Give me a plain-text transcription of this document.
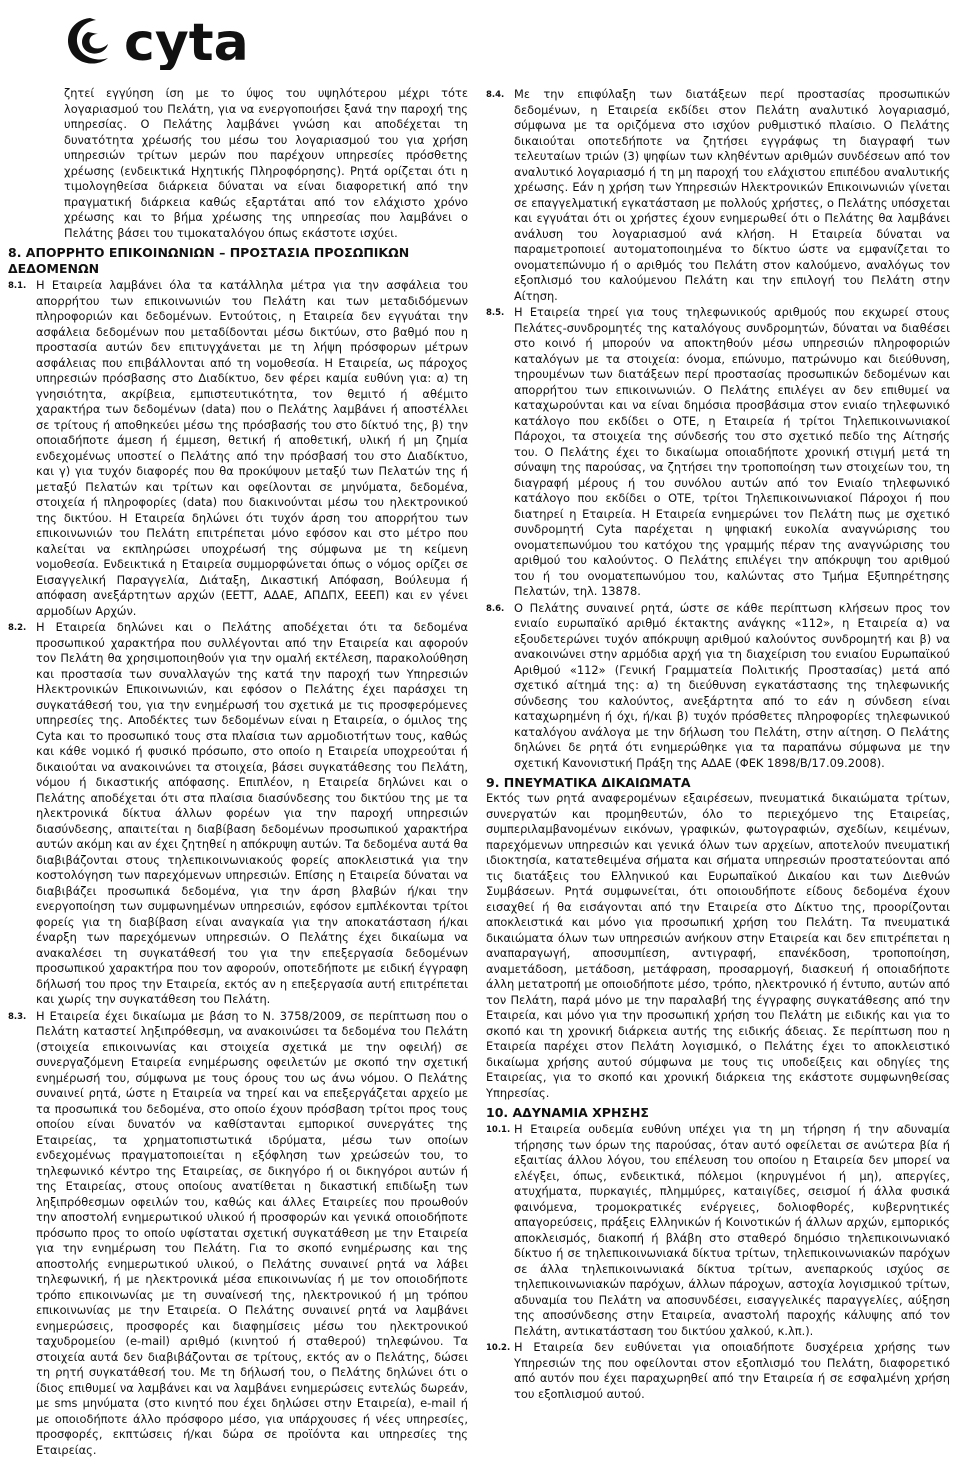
cyta

ζητεί εγγύηση ίση με το ύψος του υψηλότερου μέχρι τότε λογαριασμού του Πελάτη, για να ενεργοποιήσει ξανά την παροχή της υπηρεσίας. Ο Πελάτης λαμβάνει γνώση και αποδέχεται τη δυνατότητα χρέωσής του μέσω του λογαριασμού του για χρήση υπηρεσιών τρίτων μερών που παρέχουν υπηρεσίες πρόσθετης χρέωσης (ενδεικτικά Ηχητικής Πληροφόρησης). Ρητά ορίζεται ότι η τιμολογηθείσα διάρκεια δύναται να είναι διαφορετική από την πραγματική διάρκεια καθώς εξαρτάται από τον ελάχιστο χρόνο χρέωσης και το βήμα χρέωσης της υπηρεσίας που λαμβάνει ο Πελάτης βάσει του τιμοκαταλόγου όπως εκάστοτε ισχύει.

8. ΑΠΟΡΡΗΤΟ ΕΠΙΚΟΙΝΩΝΙΩΝ – ΠΡΟΣΤΑΣΙΑ ΠΡΟΣΩΠΙΚΩΝ ΔΕΔΟΜΕΝΩΝ
8.1. Η Εταιρεία λαμβάνει όλα τα κατάλληλα μέτρα για την ασφάλεια του απορρήτου των επικοινωνιών του Πελάτη και των μεταδιδόμενων πληροφοριών και δεδομένων. Εντούτοις, η Εταιρεία δεν εγγυάται την ασφάλεια δεδομένων που μεταδίδονται μέσω δικτύων, στο βαθμό που η προστασία αυτών δεν επιτυγχάνεται με τη λήψη πρόσφορων μέτρων ασφάλειας που επιβάλλονται από τη νομοθεσία. Η Εταιρεία, ως πάροχος υπηρεσιών πρόσβασης στο Διαδίκτυο, δεν φέρει καμία ευθύνη για: α) τη γνησιότητα, ακρίβεια, εμπιστευτικότητα, τον θεμιτό ή αθέμιτο χαρακτήρα των δεδομένων (data) που ο Πελάτης λαμβάνει ή αποστέλλει σε τρίτους ή αποθηκεύει μέσω της πρόσβασής του στο δίκτυό της, β) την οποιαδήποτε άμεση ή έμμεση, θετική ή αποθετική, υλική ή μη ζημία ενδεχομένως υποστεί ο Πελάτης από την πρόσβασή του στο Διαδίκτυο, και γ) για τυχόν διαφορές που θα προκύψουν μεταξύ των Πελατών της ή μεταξύ Πελατών και τρίτων και οφείλονται σε μηνύματα, δεδομένα, στοιχεία ή πληροφορίες (data) που διακινούνται μέσω του ηλεκτρονικού της δικτύου. Η Εταιρεία δηλώνει ότι τυχόν άρση του απορρήτου των επικοινωνιών του Πελάτη επιτρέπεται μόνο εφόσον και στο μέτρο που καλείται να εκπληρώσει υποχρέωσή της σύμφωνα με τη κείμενη νομοθεσία. Ενδεικτικά η Εταιρεία συμμορφώνεται όπως ο νόμος ορίζει σε Εισαγγελική Παραγγελία, Διάταξη, Δικαστική Απόφαση, Βούλευμα ή απόφαση ανεξάρτητων αρχών (ΕΕΤΤ, ΑΔΑΕ, ΑΠΔΠΧ, ΕΕΕΠ) και εν γένει αρμοδίων Αρχών.
8.2. Η Εταιρεία δηλώνει και ο Πελάτης αποδέχεται ότι τα δεδομένα προσωπικού χαρακτήρα που συλλέγονται από την Εταιρεία και αφορούν τον Πελάτη θα χρησιμοποιηθούν για την ομαλή εκτέλεση, παρακολούθηση και προστασία των συναλλαγών της κατά την παροχή των Υπηρεσιών Ηλεκτρονικών Επικοινωνιών, και εφόσον ο Πελάτης έχει παράσχει τη συγκατάθεσή του, για την ενημέρωσή του σχετικά με τις προσφερόμενες υπηρεσίες της. Αποδέκτες των δεδομένων είναι η Εταιρεία, ο όμιλος της Cyta και το προσωπικό τους στα πλαίσια των αρμοδιοτήτων τους, καθώς και κάθε νομικό ή φυσικό πρόσωπο, στο οποίο η Εταιρεία υποχρεούται ή δικαιούται να ανακοινώνει τα στοιχεία, βάσει συγκατάθεσης του Πελάτη, νόμου ή δικαστικής απόφασης. Επιπλέον, η Εταιρεία δηλώνει και ο Πελάτης αποδέχεται ότι στα πλαίσια διασύνδεσης του δικτύου της με τα ηλεκτρονικά δίκτυα άλλων φορέων για την παροχή υπηρεσιών διασύνδεσης, απαιτείται η διαβίβαση δεδομένων προσωπικού χαρακτήρα αυτών ακόμη και αν έχει ζητηθεί η απόκρυψη αυτών. Τα δεδομένα αυτά θα διαβιβάζονται στους τηλεπικοινωνιακούς φορείς αποκλειστικά για την κοστολόγηση των παρεχόμενων υπηρεσιών. Επίσης η Εταιρεία δύναται να διαβιβάζει προσωπικά δεδομένα, για την άρση βλαβών ή/και την ενεργοποίηση των συμφωνημένων υπηρεσιών, εφόσον εμπλέκονται τρίτοι φορείς για τη διαβίβαση είναι αναγκαία για την αποκατάσταση ή/και έναρξη των παρεχόμενων υπηρεσιών. Ο Πελάτης έχει δικαίωμα να ανακαλέσει τη συγκατάθεσή του για την επεξεργασία δεδομένων προσωπικού χαρακτήρα που τον αφορούν, οποτεδήποτε με ειδική έγγραφη δήλωσή του προς την Εταιρεία, εκτός αν η επεξεργασία αυτή επιτρέπεται και χωρίς την συγκατάθεση του Πελάτη.
8.3. Η Εταιρεία έχει δικαίωμα με βάση το Ν. 3758/2009, σε περίπτωση που ο Πελάτη καταστεί ληξιπρόθεσμη, να ανακοινώσει τα δεδομένα του Πελάτη (στοιχεία επικοινωνίας και στοιχεία σχετικά με την οφειλή) σε συνεργαζόμενη Εταιρεία ενημέρωσης οφειλετών με σκοπό την σχετική ενημέρωσή του, σύμφωνα με τους όρους του ως άνω νόμου. Ο Πελάτης συναινεί ρητά, ώστε η Εταιρεία να τηρεί και να επεξεργάζεται αρχείο με τα προσωπικά του δεδομένα, στο οποίο έχουν πρόσβαση τρίτοι προς τους οποίου είναι δυνατόν να καθίστανται εμπορικοί συνεργάτες της Εταιρείας, τα χρηματοπιστωτικά ιδρύματα, μέσω των οποίων ενδεχομένως πραγματοποιείται η εξόφληση των χρεώσεών του, το τηλεφωνικό κέντρο της Εταιρείας, σε δικηγόρο ή οι δικηγόροι αυτών ή της Εταιρείας, στους οποίους ανατίθεται η δικαστική επιδίωξη των ληξιπρόθεσμων οφειλών του, καθώς και άλλες Εταιρείες που προωθούν την αποστολή ενημερωτικού υλικού ή προσφορών και γενικά οποιοδήποτε πρόσωπο προς το οποίο υφίσταται σχετική συγκατάθεση με την Εταιρεία για την ενημέρωση του Πελάτη. Για το σκοπό ενημέρωσης και της αποστολής ενημερωτικού υλικού, ο Πελάτης συναινεί ρητά να λάβει τηλεφωνική, ή με ηλεκτρονικά μέσα επικοινωνίας ή με τον οποιοδήποτε τρόπο επικοινωνίας με τη συναίνεσή της, ηλεκτρονικού ή μη τρόπου επικοινωνίας με την Εταιρεία. Ο Πελάτης συναινεί ρητά να λαμβάνει ενημερώσεις, προσφορές και διαφημίσεις μέσω του ηλεκτρονικού ταχυδρομείου (e-mail) αριθμό (κινητού ή σταθερού) τηλεφώνου. Τα στοιχεία αυτά δεν διαβιβάζονται σε τρίτους, εκτός αν ο Πελάτης, δώσει τη ρητή συγκατάθεσή του. Με τη δήλωσή του, ο Πελάτης δηλώνει ότι ο ίδιος επιθυμεί να λαμβάνει και να λαμβάνει ενημερώσεις εντελώς δωρεάν, με sms μηνύματα (στο κινητό που έχει δηλώσει στην Εταιρεία), e-mail ή με οποιοδήποτε άλλο πρόσφορο μέσο, για υπάρχουσες ή νέες υπηρεσίες, προσφορές, εκπτώσεις ή/και δώρα σε προϊόντα και υπηρεσίες της Εταιρείας.
8.4. Με την επιφύλαξη των διατάξεων περί προστασίας προσωπικών δεδομένων, η Εταιρεία εκδίδει στον Πελάτη αναλυτικό λογαριασμό, σύμφωνα με τα οριζόμενα στο ισχύον ρυθμιστικό πλαίσιο. Ο Πελάτης δικαιούται οποτεδήποτε να ζητήσει εγγράφως τη διαγραφή των τελευταίων τριών (3) ψηφίων των κληθέντων αριθμών συνδέσεων από τον αναλυτικό λογαριασμό ή τη μη παροχή του ελάχιστου επιπέδου αναλυτικής χρέωσης. Εάν η χρήση των Υπηρεσιών Ηλεκτρονικών Επικοινωνιών γίνεται σε επαγγελματική εγκατάσταση με πολλούς χρήστες, ο Πελάτης υπόσχεται και εγγυάται ότι οι χρήστες έχουν ενημερωθεί ότι ο Πελάτης θα λαμβάνει ανάλυση του λογαριασμού ανά κλήση. Η Εταιρεία δύναται να παραμετροποιεί αυτοματοποιημένα το δίκτυο ώστε να εμφανίζεται το ονοματεπώνυμο ή ο αριθμός του Πελάτη στον καλούμενο, αναλόγως τον εξοπλισμό του καλούμενου Πελάτη και την επιλογή του Πελάτη στην Αίτηση.
8.5. Η Εταιρεία τηρεί για τους τηλεφωνικούς αριθμούς που εκχωρεί στους Πελάτες-συνδρομητές της καταλόγους συνδρομητών, δύναται να διαθέσει στο κοινό ή μπορούν να αποκτηθούν μέσω υπηρεσιών πληροφοριών καταλόγων με τα στοιχεία: όνομα, επώνυμο, πατρώνυμο και διεύθυνση, τηρουμένων των διατάξεων περί προστασίας προσωπικών δεδομένων και απορρήτου των επικοινωνιών. Ο Πελάτης επιλέγει αν δεν επιθυμεί να καταχωρούνται και να είναι δημόσια προσβάσιμα στον ενιαίο τηλεφωνικό κατάλογο που εκδίδει ο ΟΤΕ, η Εταιρεία ή τρίτοι Τηλεπικοινωνιακοί Πάροχοι, τα στοιχεία της σύνδεσής του στο σχετικό πεδίο της Αίτησής του. Ο Πελάτης έχει το δικαίωμα οποιαδήποτε χρονική στιγμή μετά τη σύναψη της παρούσας, να ζητήσει την τροποποίηση των στοιχείων του, τη διαγραφή μέρους ή του συνόλου αυτών από τον Ενιαίο τηλεφωνικό κατάλογο που εκδίδει ο ΟΤΕ, τρίτοι Τηλεπικοινωνιακοί Πάροχοι ή που διατηρεί η Εταιρεία. Η Εταιρεία ενημερώνει τον Πελάτη πως με σχετικό συνδρομητή Cyta παρέχεται η ψηφιακή ευκολία αναγνώρισης του ονοματεπωνύμου του κατόχου της γραμμής πέραν της αναγνώρισης του αριθμού του καλούντος. Ο Πελάτης επιλέγει την απόκρυψη του αριθμού του ή του ονοματεπωνύμου του, καλώντας στο Τμήμα Εξυπηρέτησης Πελατών, τηλ. 13878.
8.6. Ο Πελάτης συναινεί ρητά, ώστε σε κάθε περίπτωση κλήσεων προς τον ενιαίο ευρωπαϊκό αριθμό έκτακτης ανάγκης «112», η Εταιρεία α) να εξουδετερώνει τυχόν απόκρυψη αριθμού καλούντος συνδρομητή και β) να ανακοινώνει στην αρμόδια αρχή για τη διαχείριση του ενιαίου Ευρωπαϊκού Αριθμού «112» (Γενική Γραμματεία Πολιτικής Προστασίας) μετά από σχετικό αίτημά της: α) τη διεύθυνση εγκατάστασης της τηλεφωνικής σύνδεσης του καλούντος, ανεξάρτητα από το εάν η σύνδεση είναι καταχωρημένη ή όχι, ή/και β) τυχόν πρόσθετες πληροφορίες τηλεφωνικού καταλόγου ανάλογα με την δήλωση του Πελάτη, στην αίτηση. Ο Πελάτης δηλώνει δε ρητά ότι ενημερώθηκε για τα παραπάνω σύμφωνα με την σχετική Κανονιστική Πράξη της ΑΔΑΕ (ΦΕΚ 1898/Β/17.09.2008).
9. ΠΝΕΥΜΑΤΙΚΑ ΔΙΚΑΙΩΜΑΤΑ

Εκτός των ρητά αναφερομένων εξαιρέσεων, πνευματικά δικαιώματα τρίτων, συνεργατών και προμηθευτών, όλο το περιεχόμενο της Εταιρείας, συμπεριλαμβανομένων εικόνων, γραφικών, φωτογραφιών, σχεδίων, κειμένων, παρεχόμενων υπηρεσιών και γενικά όλων των αρχείων, αποτελούν πνευματική ιδιοκτησία, κατατεθειμένα σήματα και σήματα υπηρεσιών προστατεύονται από τις διατάξεις του Ελληνικού και Ευρωπαϊκού Δικαίου και των Διεθνών Συμβάσεων. Ρητά συμφωνείται, ότι οποιουδήποτε είδους δεδομένα έχουν εισαχθεί ή θα εισάγονται από την Εταιρεία στο Δίκτυο της, προορίζονται αποκλειστικά και μόνο για προσωπική χρήση του Πελάτη. Τα πνευματικά δικαιώματα όλων των υπηρεσιών ανήκουν στην Εταιρεία και δεν επιτρέπεται η αναπαραγωγή, αποσυμπίεση, αντιγραφή, επανέκδοση, τροποποίηση, αναμετάδοση, μετάδοση, μετάφραση, προσαρμογή, διασκευή ή οποιαδήποτε άλλη μετατροπή με οποιοδήποτε μέσο, τρόπο, ηλεκτρονικό ή έντυπο, αυτών από τον Πελάτη, παρά μόνο με την παραλαβή της έγγραφης συγκατάθεσης από την Εταιρεία, και μόνο για την προσωπική χρήση του Πελάτη με ειδικής και για το σκοπό και τη χρονική διάρκεια αυτής της ειδικής άδειας. Σε περίπτωση που η Εταιρεία παρέχει στον Πελάτη λογισμικό, ο Πελάτης έχει το αποκλειστικό δικαίωμα χρήσης αυτού σύμφωνα με τους τις υποδείξεις και οδηγίες της Εταιρείας, για το σκοπό και χρονική διάρκεια της εκάστοτε συμφωνηθείσας Υπηρεσίας.

10. ΑΔΥΝΑΜΙΑ ΧΡΗΣΗΣ
10.1. Η Εταιρεία ουδεμία ευθύνη υπέχει για τη μη τήρηση ή την αδυναμία τήρησης των όρων της παρούσας, όταν αυτό οφείλεται σε ανώτερα βία ή εξαιτίας άλλου λόγου, του επέλευση του οποίου η Εταιρεία δεν μπορεί να ελέγξει, όπως, ενδεικτικά, πόλεμοι (κηρυγμένοι ή μη), απεργίες, ατυχήματα, πυρκαγιές, πλημμύρες, καταιγίδες, σεισμοί ή άλλα φυσικά φαινόμενα, τρομοκρατικές ενέργειες, δολιοφθορές, κυβερνητικές απαγορεύσεις, πράξεις Ελληνικών ή Κοινοτικών ή άλλων αρχών, εμπορικός αποκλεισμός, διακοπή ή βλάβη στο σταθερό δημόσιο τηλεπικοινωνιακό δίκτυο ή σε τηλεπικοινωνιακά δίκτυα τρίτων, τηλεπικοινωνιακών παρόχων σε άλλα τηλεπικοινωνιακά δίκτυα τρίτων, ανεπαρκούς ισχύος σε τηλεπικοινωνιακών παρόχων, άλλων πάροχων, αστοχία λογισμικού τρίτων, αδυναμία του Πελάτη να αποσυνδέσει, εισαγγελικές παραγγελίες, αύξηση της αποσύνδεσης στην Εταιρεία, αναστολή παροχής κάλυψης από τον Πελάτη, αντικατάσταση του δικτύου χαλκού, κ.λπ.).
10.2. Η Εταιρεία δεν ευθύνεται για οποιαδήποτε δυσχέρεια χρήσης των Υπηρεσιών της που οφείλονται στον εξοπλισμό του Πελάτη, διαφορετικό από αυτόν που έχει παραχωρηθεί από την Εταιρεία ή σε εσφαλμένη χρήση του εξοπλισμού αυτού.
